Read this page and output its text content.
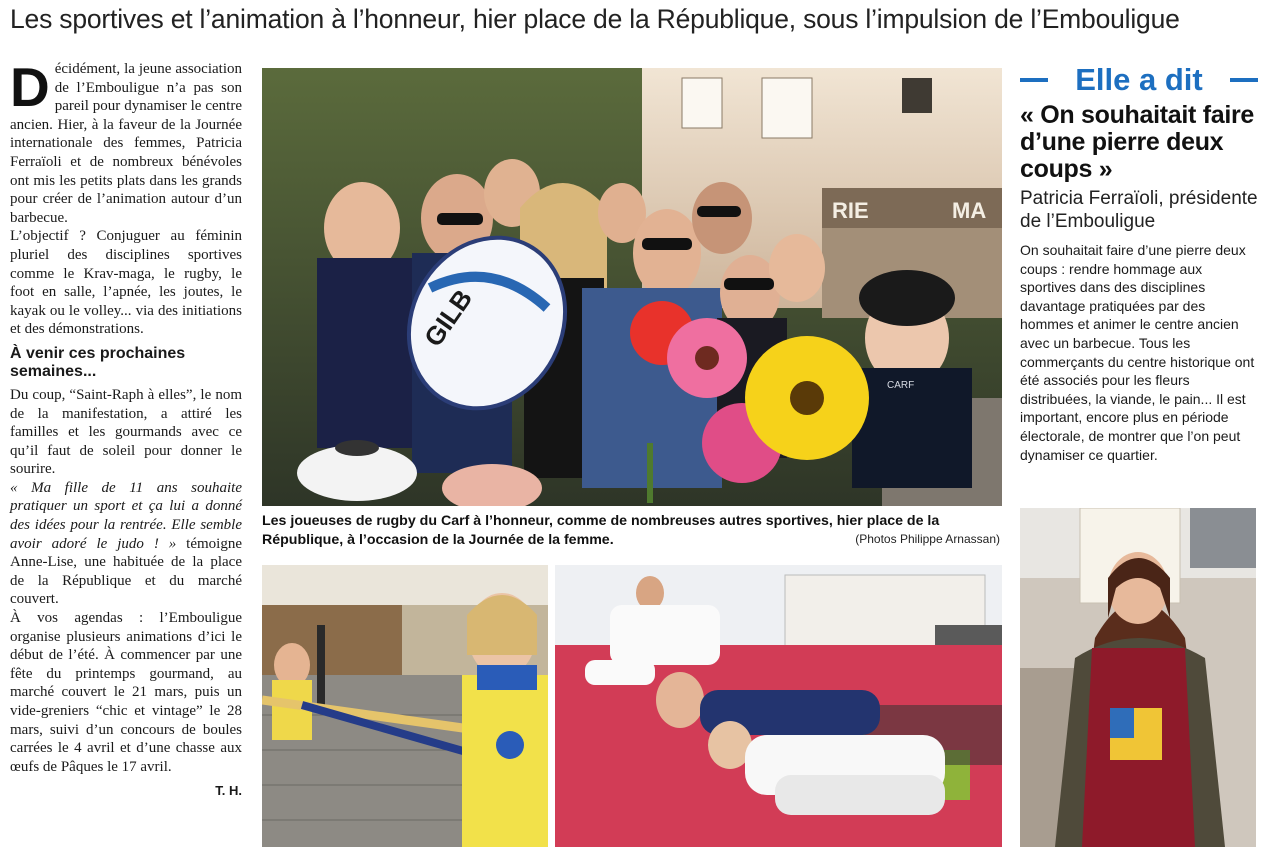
Les sportives et l’animation à l’honneur, hier place de la République, sous l’impulsion de l’Embouligue

Décidément, la jeune association de l’Embouligue n’a pas son pareil pour dynamiser le centre ancien. Hier, à la faveur de la Journée internationale des femmes, Patricia Ferraïoli et de nombreux bénévoles ont mis les petits plats dans les grands pour créer de l’animation autour d’un barbecue.

L’objectif ? Conjuguer au féminin pluriel des disciplines sportives comme le Krav-maga, le rugby, le foot en salle, l’apnée, les joutes, le kayak ou le volley... via des initiations et des démonstrations.

À venir ces prochaines semaines...

Du coup, “Saint-Raph à elles”, le nom de la manifestation, a attiré les familles et les gourmands avec ce qu’il faut de soleil pour donner le sourire.

« Ma fille de 11 ans souhaite pratiquer un sport et ça lui a donné des idées pour la rentrée. Elle semble avoir adoré le judo ! » témoigne Anne-Lise, une habituée de la place de la République et du marché couvert.

À vos agendas : l’Embouligue organise plusieurs animations d’ici le début de l’été. À commencer par une fête du printemps gourmand, au marché couvert le 21 mars, puis un vide-greniers “chic et vintage” le 28 mars, suivi d’un concours de boules carrées le 4 avril et d’une chasse aux œufs de Pâques le 17 avril.

T. H.
RIE	MA
CARF
GILB
Les joueuses de rugby du Carf à l’honneur, comme de nombreuses autres sportives, hier place de la République, à l’occasion de la Journée de la femme.	(Photos Philippe Arnassan)
Elle a dit
« On souhaitait faire d’une pierre deux coups »
Patricia Ferraïoli, présidente de l’Embouligue
On souhaitait faire d’une pierre deux coups : rendre hommage aux sportives dans des disciplines davantage pratiquées par des hommes et animer le centre ancien avec un barbecue. Tous les commerçants du centre historique ont été associés pour les fleurs distribuées, la viande, le pain... Il est important, encore plus en période électorale, de montrer que l’on peut dynamiser ce quartier.
